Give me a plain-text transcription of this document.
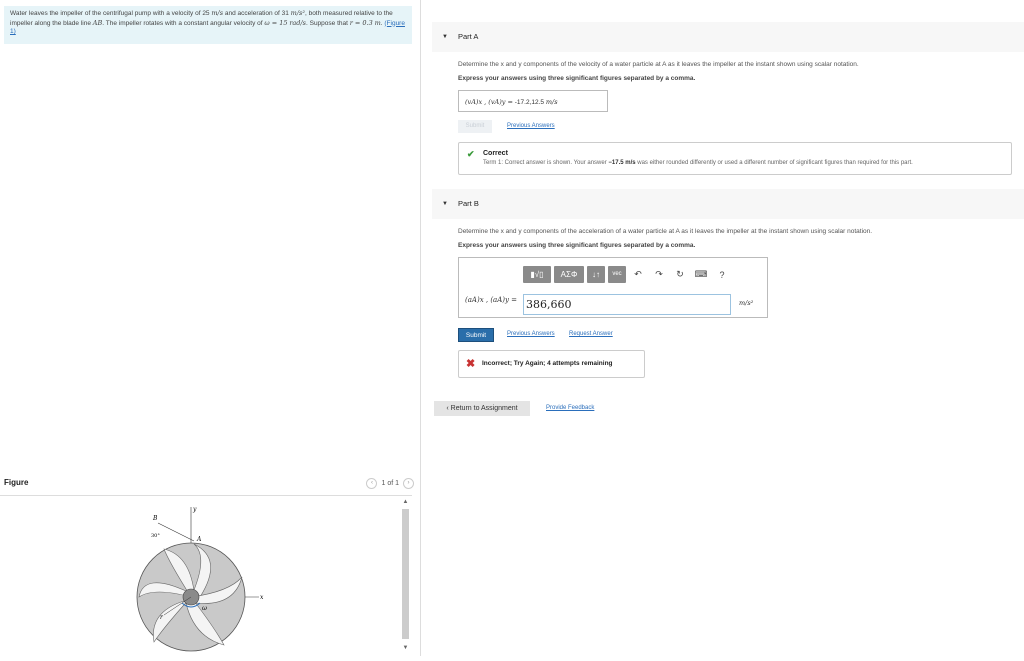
Water leaves the impeller of the centrifugal pump with a velocity of 25 m/s and acceleration of 31 m/s², both measured relative to the impeller along the blade line AB. The impeller rotates with a constant angular velocity of ω = 15 rad/s. Suppose that r = 0.3 m. (Figure 1)
Figure	‹	1 of 1	›
B
30°
y
A
x
r
ω
▲
▼
▼ Part A
Determine the x and y components of the velocity of a water particle at A as it leaves the impeller at the instant shown using scalar notation.
Express your answers using three significant figures separated by a comma.
(vA)x , (vA)y = -17.2,12.5 m/s
Submit	Previous Answers
✔ Correct
Term 1: Correct answer is shown. Your answer −17.5 m/s was either rounded differently or used a different number of significant figures than required for this part.
▼ Part B
Determine the x and y components of the acceleration of a water particle at A as it leaves the impeller at the instant shown using scalar notation.
Express your answers using three significant figures separated by a comma.
▮√▯	ΑΣΦ	↓↑	vec	↶	↷	↻	⌨	?
(aA)x , (aA)y = 386,660	m/s²
Submit	Previous Answers Request Answer
✖ Incorrect; Try Again; 4 attempts remaining
‹ Return to Assignment	Provide Feedback
